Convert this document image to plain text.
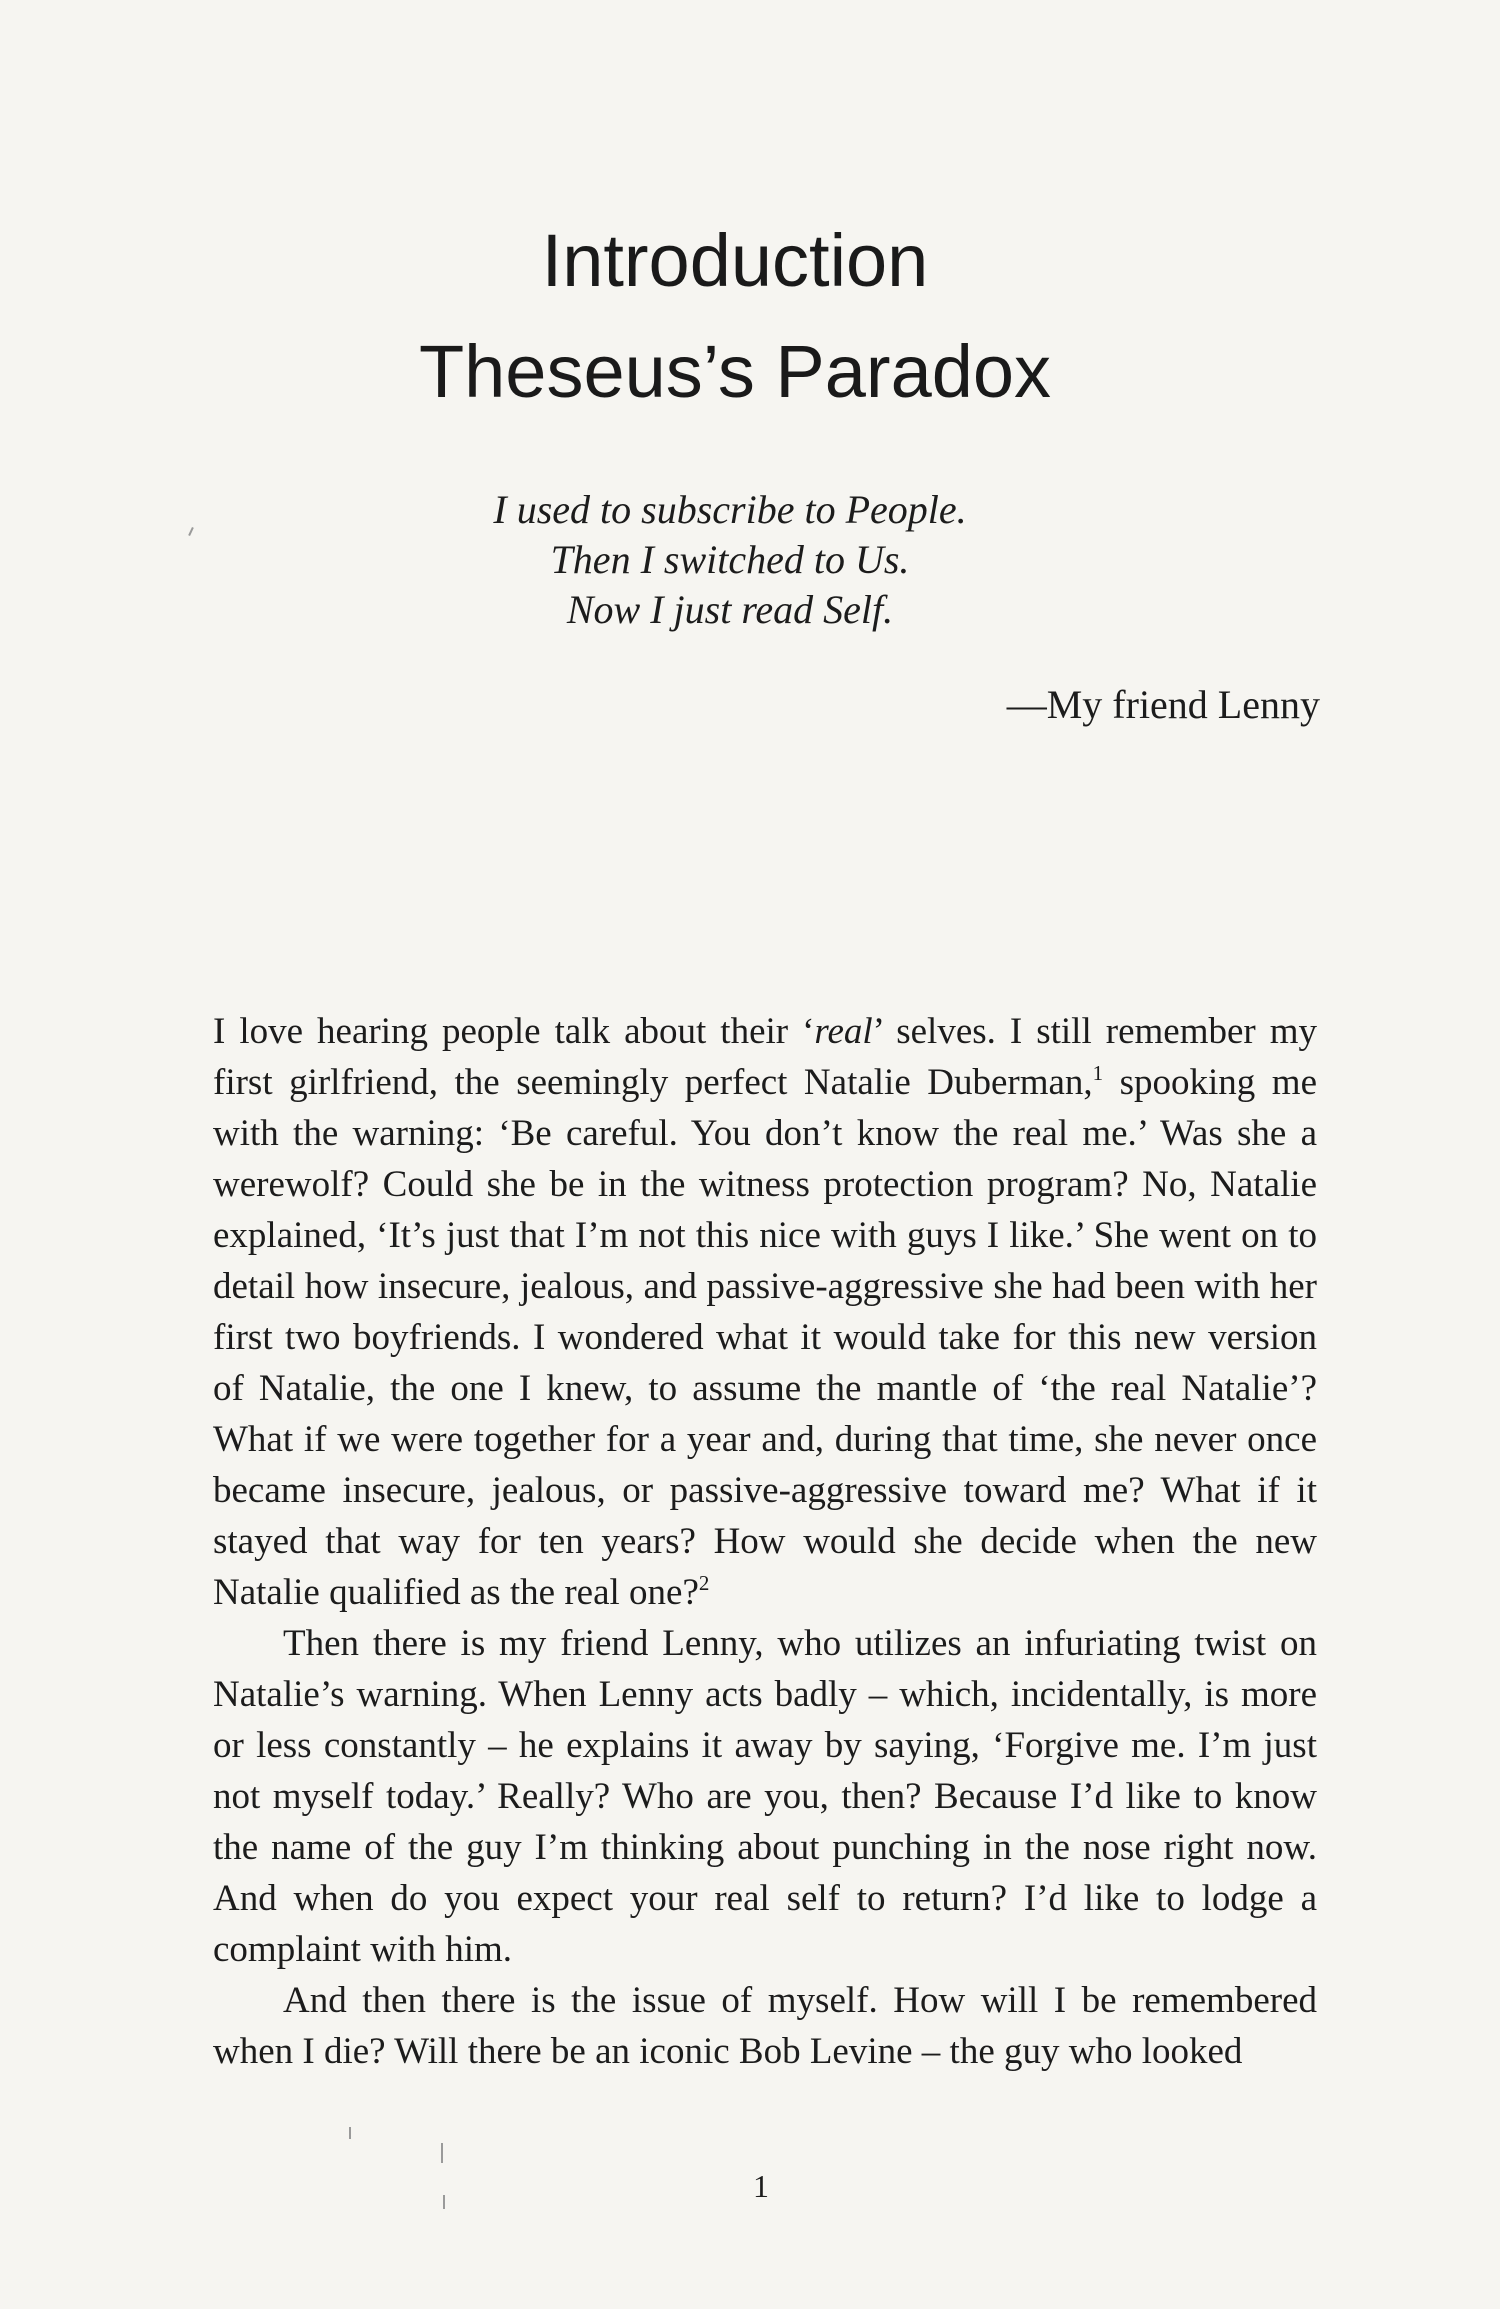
Introduction
Theseus’s Paradox
I used to subscribe to People.
Then I switched to Us.
Now I just read Self.
—My friend Lenny

I love hearing people talk about their ‘real’ selves. I still remember my first girlfriend, the seemingly perfect Natalie Duberman,$^1$ spooking me with the warning: ‘Be careful. You don’t know the real me.’ Was she a werewolf? Could she be in the witness protection program? No, Natalie explained, ‘It’s just that I’m not this nice with guys I like.’ She went on to detail how insecure, jealous, and passive-aggressive she had been with her first two boyfriends. I wondered what it would take for this new version of Natalie, the one I knew, to assume the mantle of ‘the real Natalie’? What if we were together for a year and, during that time, she never once became insecure, jealous, or passive-aggressive toward me? What if it stayed that way for ten years? How would she decide when the new Natalie qualified as the real one?$^2$

Then there is my friend Lenny, who utilizes an infuriating twist on Natalie’s warning. When Lenny acts badly – which, incidentally, is more or less constantly – he explains it away by saying, ‘Forgive me. I’m just not myself today.’ Really? Who are you, then? Because I’d like to know the name of the guy I’m thinking about punching in the nose right now. And when do you expect your real self to return? I’d like to lodge a complaint with him.

And then there is the issue of myself. How will I be remembered when I die? Will there be an iconic Bob Levine – the guy who looked

1
